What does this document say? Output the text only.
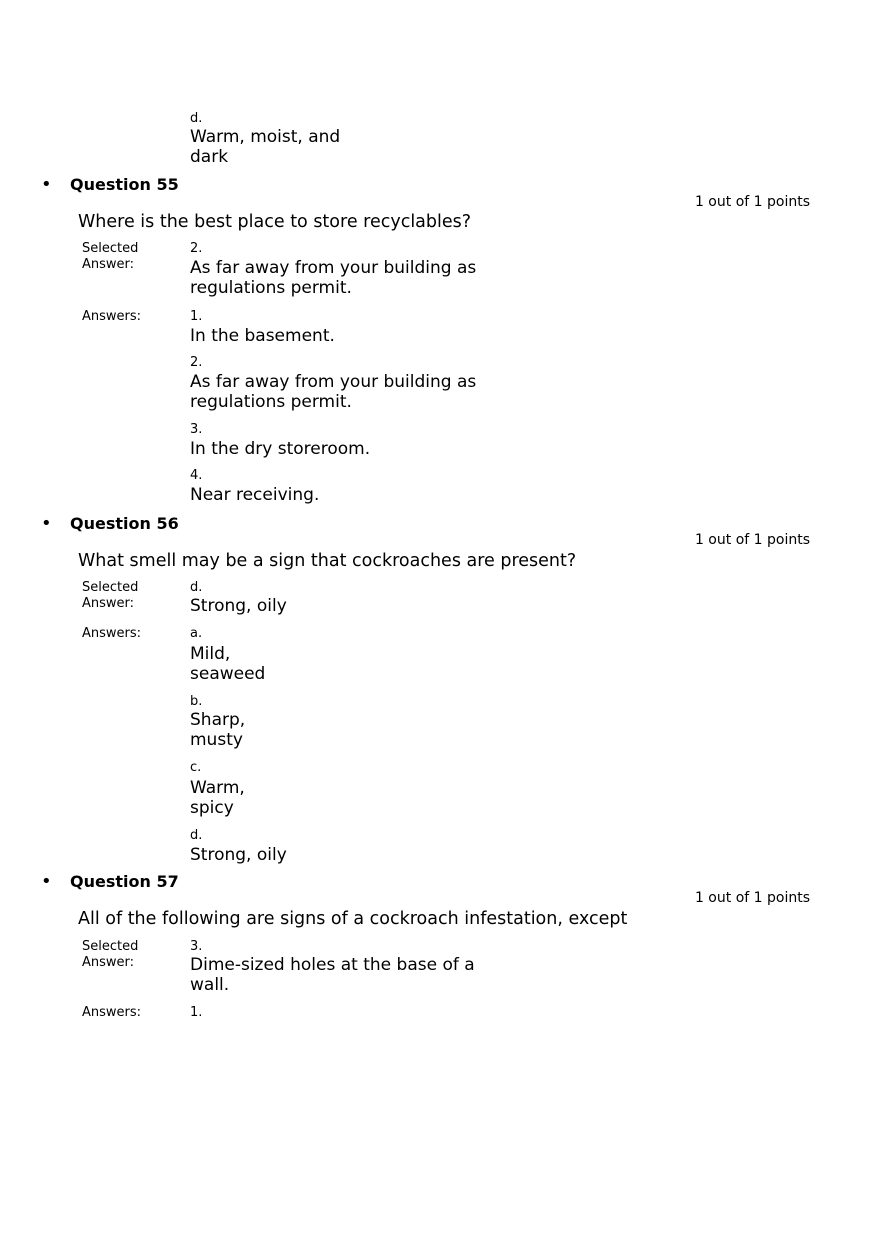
d.
Warm, moist, and dark
• Question 55
1 out of 1 points
Where is the best place to store recyclables?
Selected Answer:
2.
As far away from your building as regulations permit.
Answers:	1.
In the basement.
2.
As far away from your building as regulations permit.
3.
In the dry storeroom.
4.
Near receiving.
• Question 56
1 out of 1 points
What smell may be a sign that cockroaches are present?
Selected Answer:
d.
Strong, oily
Answers:	a.
Mild, seaweed
b.
Sharp, musty
c.
Warm, spicy
d.
Strong, oily
• Question 57
1 out of 1 points
All of the following are signs of a cockroach infestation, except
Selected Answer:
3.
Dime-sized holes at the base of a wall.
Answers:	1.
